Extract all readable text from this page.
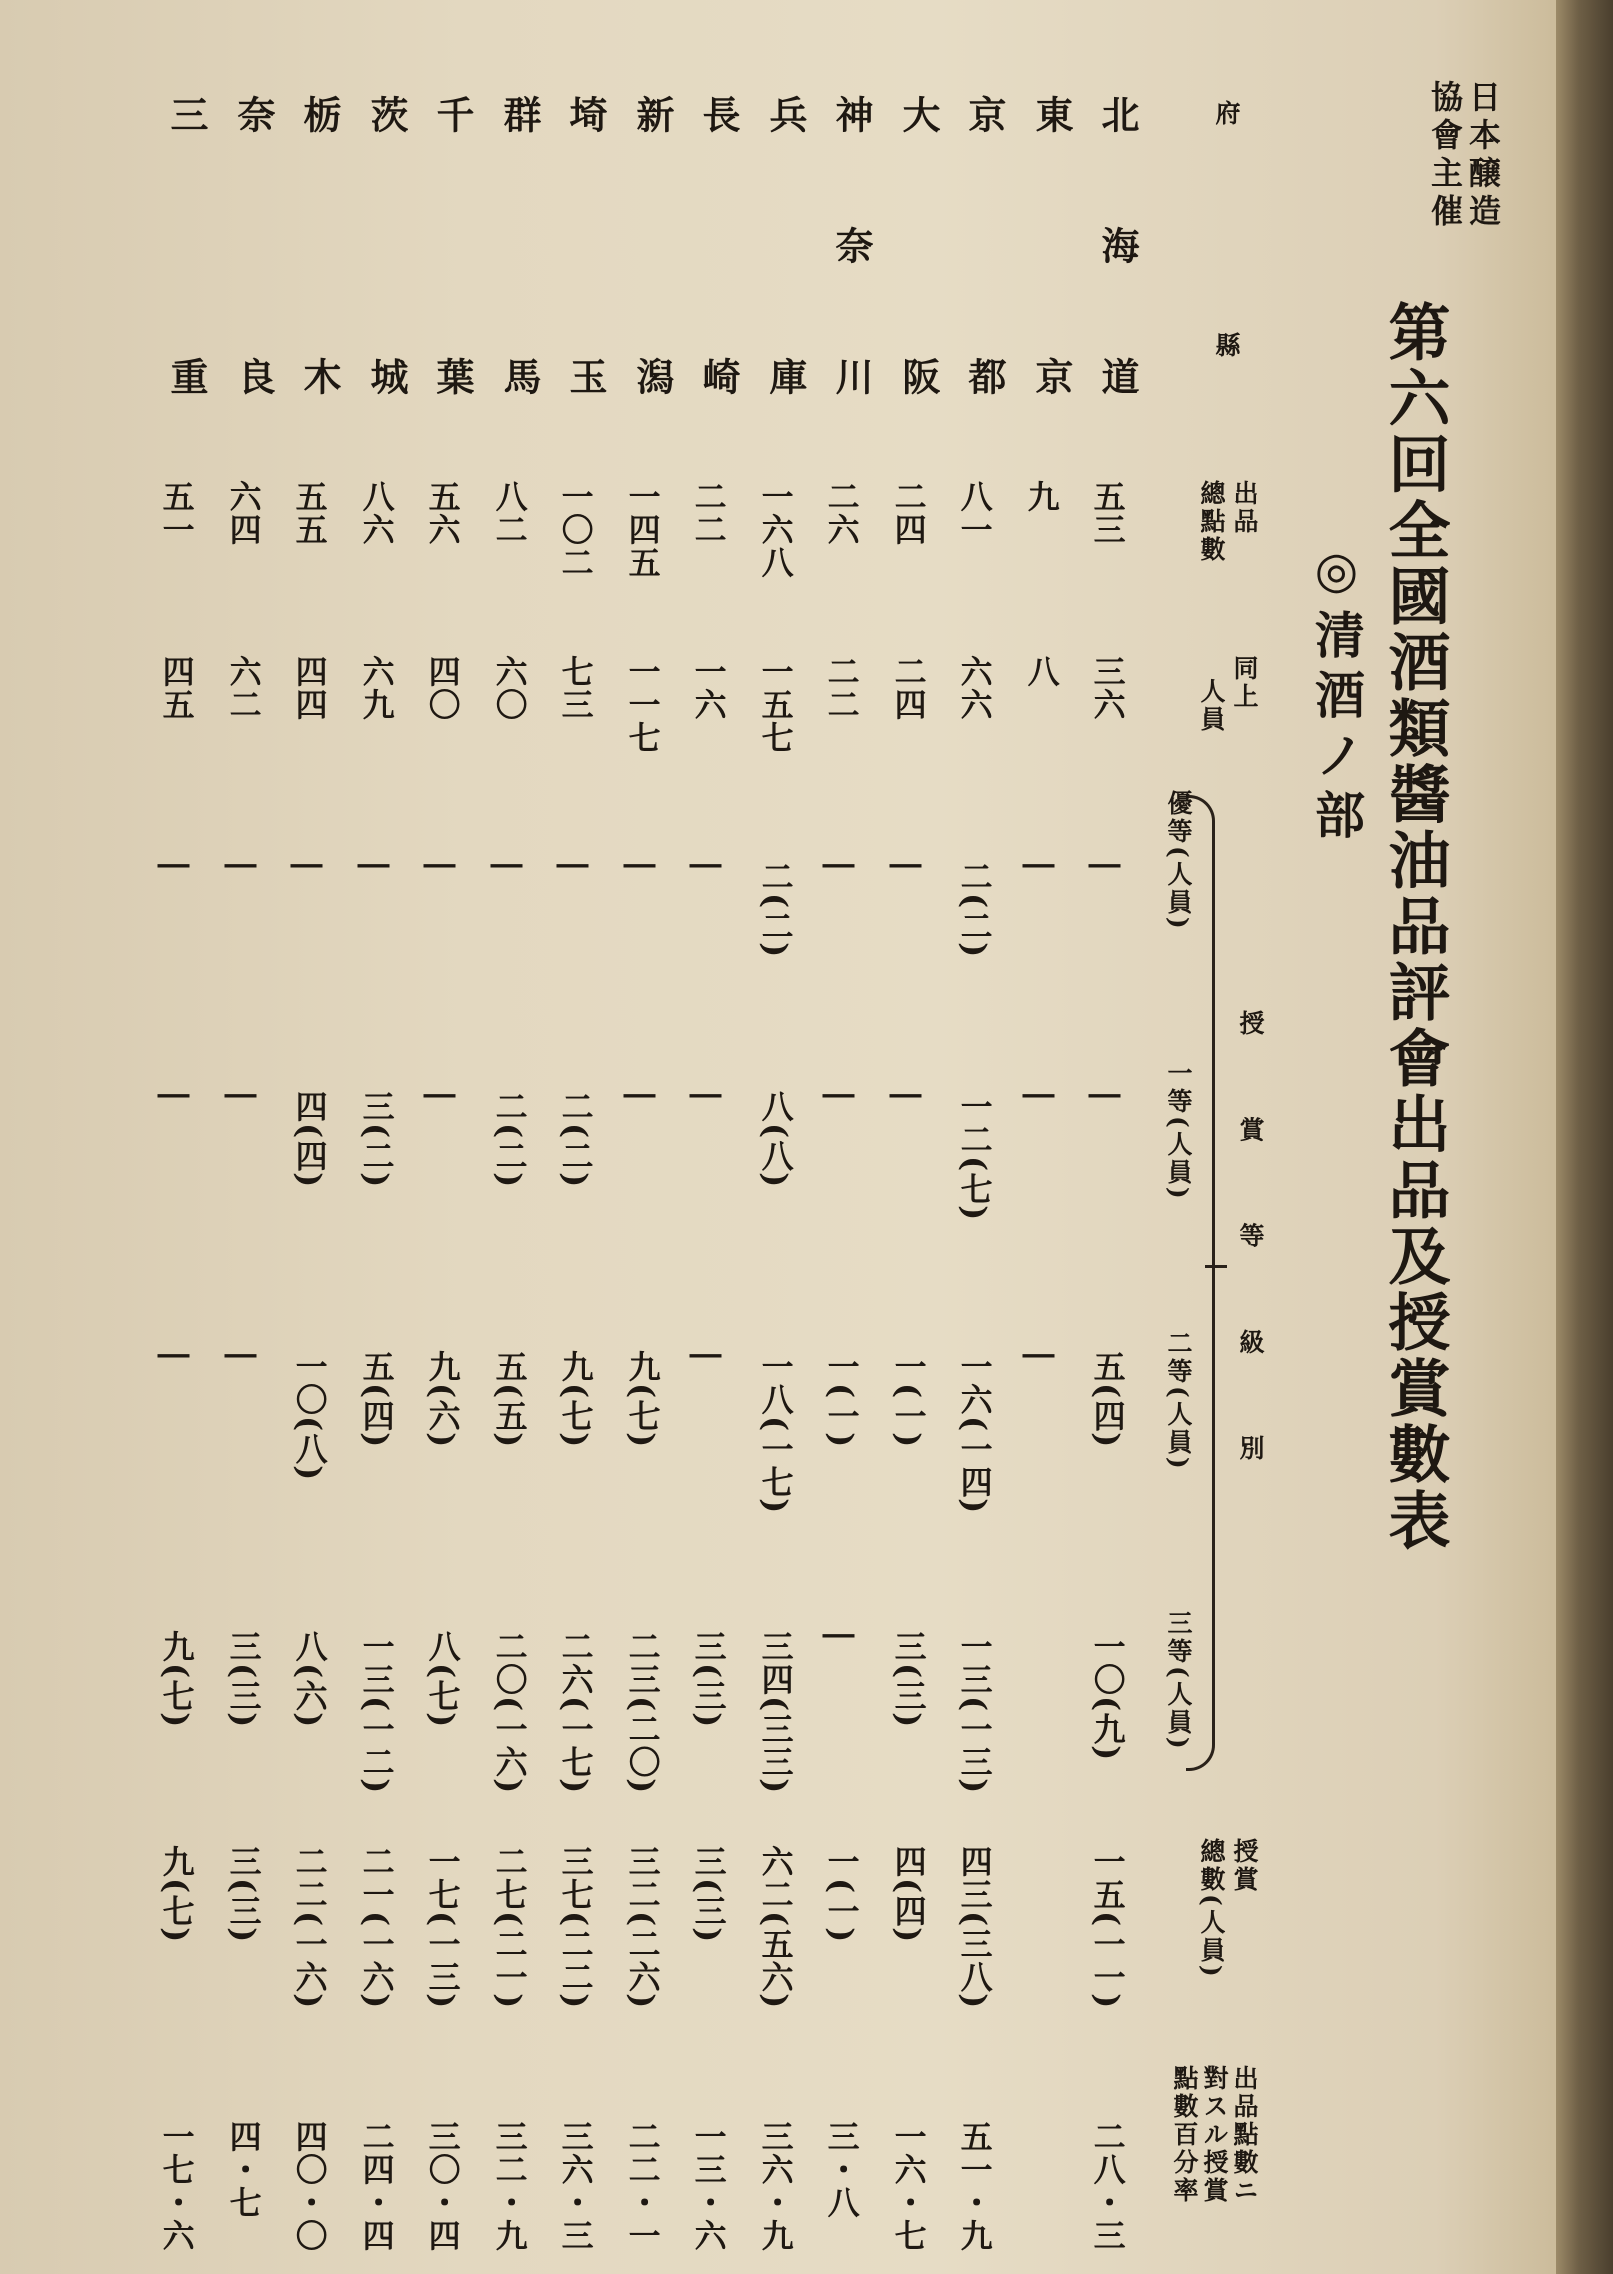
日本醸造
協會主催
第六回全國酒類醬油品評會出品及授賞數表
◎清酒ノ部
府縣
出品
總點數
同上
人員
授賞等級別
優等(人員)
一等(人員)
二等(人員)
三等(人員)
授賞
總數(人員)
出品點數ニ
對スル授賞
點數百分率
北海道
五三
三六
|
|
五(四)
一〇(九)
一五(一一)
二八・三
東京
九
八
|
|
|
京都
八一
六六
二(二)
一二(七)
一六(一四)
一三(一三)
四三(三八)
五一・九
大阪
二四
二四
|
|
一(一)
三(三)
四(四)
一六・七
神奈川
二六
二二
|
|
一(一)
|
一(一)
三・八
兵庫
一六八
一五七
二(二)
八(八)
一八(一七)
三四(三三)
六二(五六)
三六・九
長崎
二二
一六
|
|
|
三(三)
三(三)
一三・六
新潟
一四五
一一七
|
|
九(七)
二三(二〇)
三二(二六)
二二・一
埼玉
一〇二
七三
|
二(二)
九(七)
二六(一七)
三七(二二)
三六・三
群馬
八二
六〇
|
二(二)
五(五)
二〇(一六)
二七(二一)
三二・九
千葉
五六
四〇
|
|
九(六)
八(七)
一七(一三)
三〇・四
茨城
八六
六九
|
三(二)
五(四)
一三(一二)
二一(一六)
二四・四
栃木
五五
四四
|
四(四)
一〇(八)
八(六)
二二(一六)
四〇・〇
奈良
六四
六二
|
|
|
三(三)
三(三)
四・七
三重
五一
四五
|
|
|
九(七)
九(七)
一七・六
